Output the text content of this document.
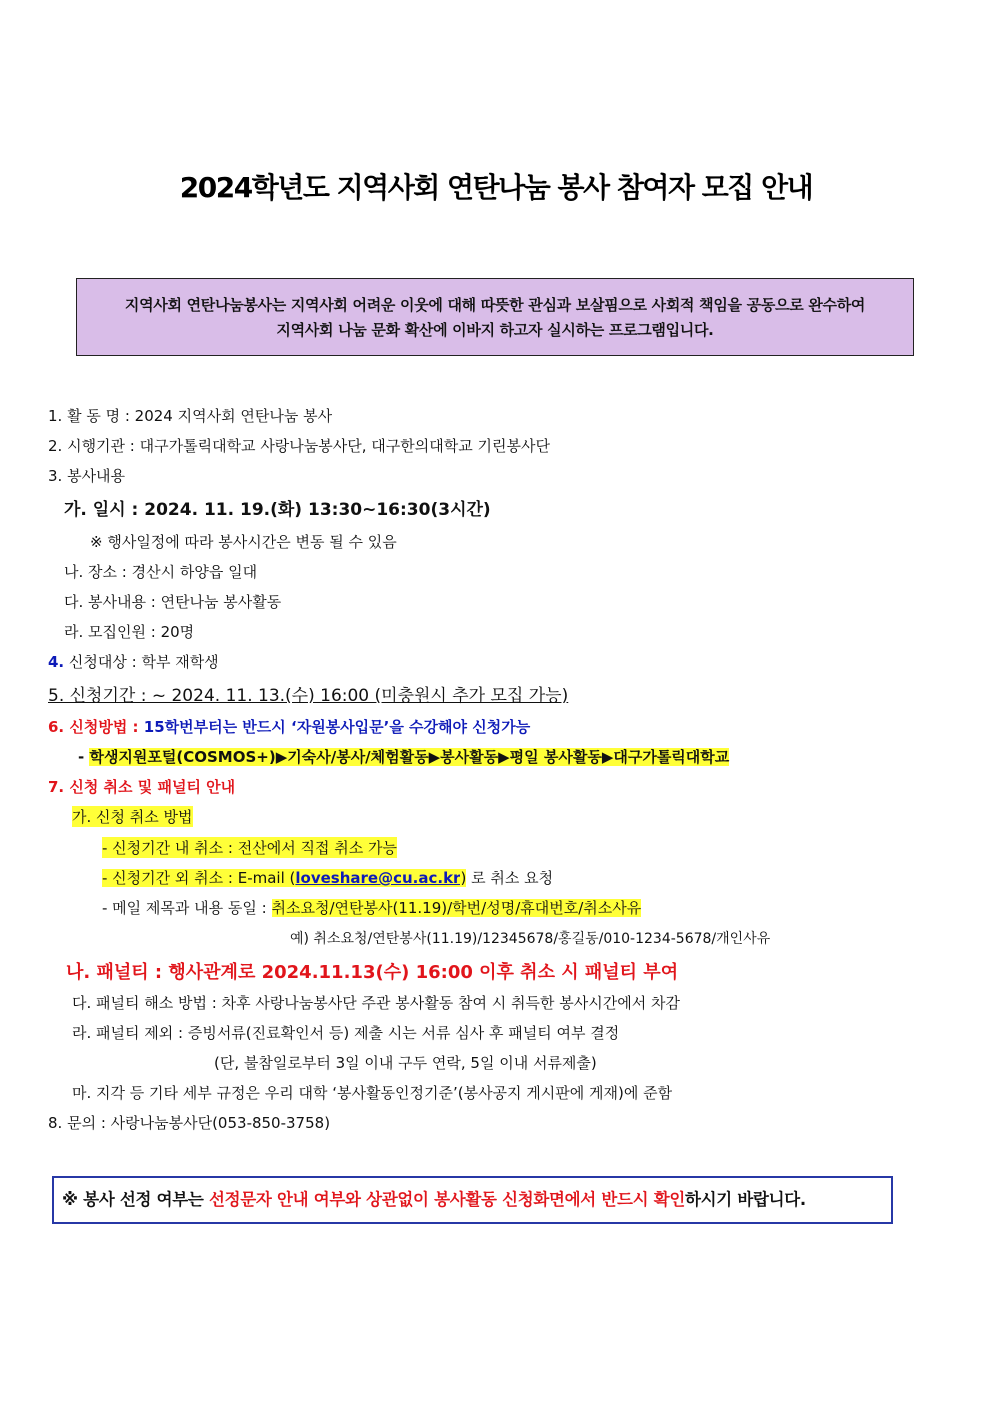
2024학년도 지역사회 연탄나눔 봉사 참여자 모집 안내
지역사회 연탄나눔봉사는 지역사회 어려운 이웃에 대해 따뜻한 관심과 보살핌으로 사회적 책임을 공동으로 완수하여
지역사회 나눔 문화 확산에 이바지 하고자 실시하는 프로그램입니다.
1. 활 동 명 : 2024 지역사회 연탄나눔 봉사
2. 시행기관 : 대구가톨릭대학교 사랑나눔봉사단, 대구한의대학교 기린봉사단
3. 봉사내용
가. 일시 : 2024. 11. 19.(화) 13:30~16:30(3시간)
※ 행사일정에 따라 봉사시간은 변동 될 수 있음
나. 장소 : 경산시 하양읍 일대
다. 봉사내용 : 연탄나눔 봉사활동
라. 모집인원 : 20명
4. 신청대상 : 학부 재학생
5. 신청기간 : ~ 2024. 11. 13.(수) 16:00 (미충원시 추가 모집 가능)
6. 신청방법 : 15학번부터는 반드시 ‘자원봉사입문’을 수강해야 신청가능
- 학생지원포털(COSMOS+)▶기숙사/봉사/체험활동▶봉사활동▶평일 봉사활동▶대구가톨릭대학교
7. 신청 취소 및 패널티 안내
가. 신청 취소 방법
- 신청기간 내 취소 : 전산에서 직접 취소 가능
- 신청기간 외 취소 : E-mail (loveshare@cu.ac.kr) 로 취소 요청
- 메일 제목과 내용 동일 : 취소요청/연탄봉사(11.19)/학번/성명/휴대번호/취소사유
예) 취소요청/연탄봉사(11.19)/12345678/홍길동/010-1234-5678/개인사유
나. 패널티 : 행사관계로 2024.11.13(수) 16:00 이후 취소 시 패널티 부여
다. 패널티 해소 방법 : 차후 사랑나눔봉사단 주관 봉사활동 참여 시 취득한 봉사시간에서 차감
라. 패널티 제외 : 증빙서류(진료확인서 등) 제출 시는 서류 심사 후 패널티 여부 결정
(단, 불참일로부터 3일 이내 구두 연락, 5일 이내 서류제출)
마. 지각 등 기타 세부 규정은 우리 대학 ‘봉사활동인정기준’(봉사공지 게시판에 게재)에 준함
8. 문의 : 사랑나눔봉사단(053-850-3758)
※ 봉사 선정 여부는 선정문자 안내 여부와 상관없이 봉사활동 신청화면에서 반드시 확인하시기 바랍니다.
